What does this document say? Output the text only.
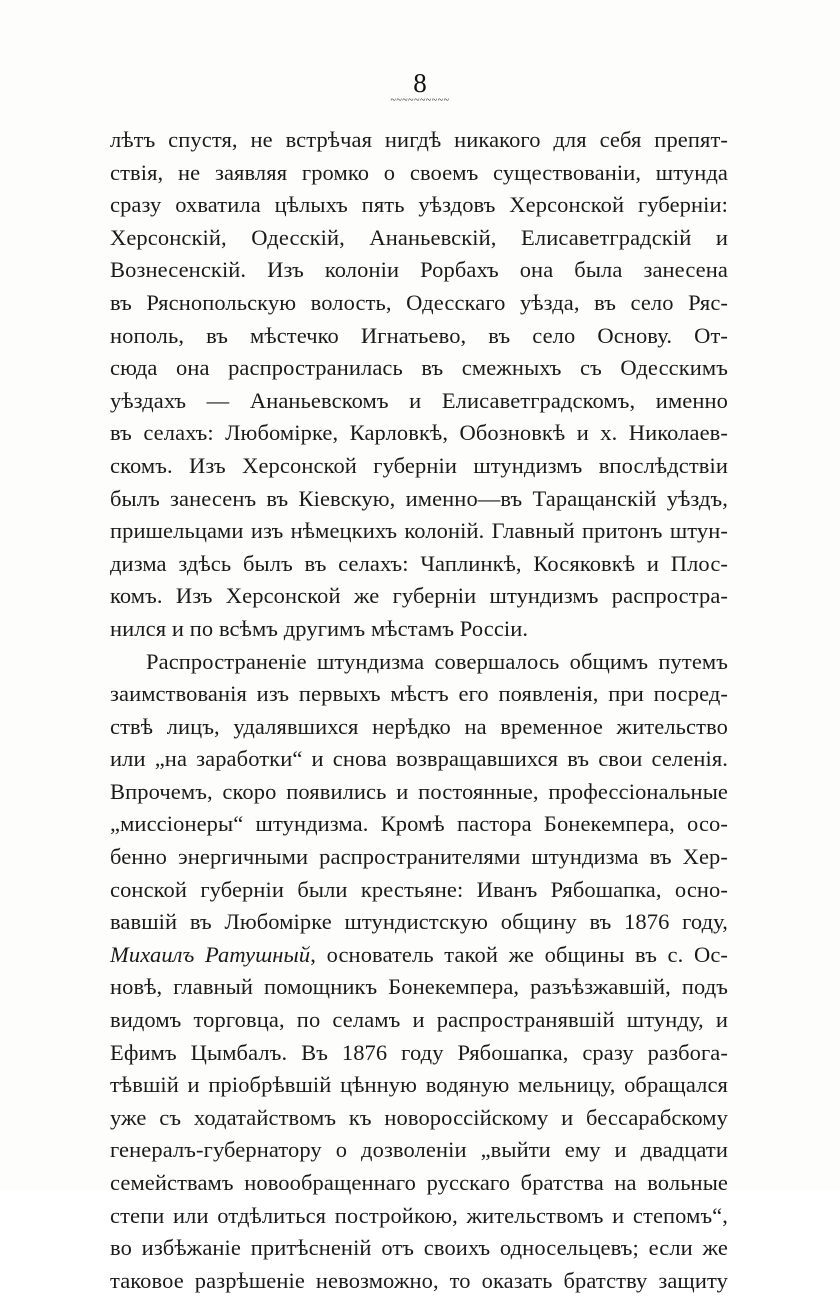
8
~~~~~~~~~~
лѣтъ спустя, не встрѣчая нигдѣ никакого для себя препят-
ствія, не заявляя громко о своемъ существованіи, штунда
сразу охватила цѣлыхъ пять уѣздовъ Херсонской губерніи:
Херсонскій, Одесскій, Ананьевскій, Елисаветградскій и
Вознесенскій. Изъ колоніи Рорбахъ она была занесена
въ Ряснопольскую волость, Одесскаго уѣзда, въ село Ряс-
нополь, въ мѣстечко Игнатьево, въ село Основу. От-
сюда она распространилась въ смежныхъ съ Одесскимъ
уѣздахъ — Ананьевскомъ и Елисаветградскомъ, именно
въ селахъ: Любомірке, Карловкѣ, Обозновкѣ и х. Николаев-
скомъ. Изъ Херсонской губерніи штундизмъ впослѣдствіи
былъ занесенъ въ Кіевскую, именно—въ Таращанскій уѣздъ,
пришельцами изъ нѣмецкихъ колоній. Главный притонъ штун-
дизма здѣсь былъ въ селахъ: Чаплинкѣ, Косяковкѣ и Плос-
комъ. Изъ Херсонской же губерніи штундизмъ распростра-
нился и по всѣмъ другимъ мѣстамъ Россіи.
Распространеніе штундизма совершалось общимъ путемъ
заимствованія изъ первыхъ мѣстъ его появленія, при посред-
ствѣ лицъ, удалявшихся нерѣдко на временное жительство
или „на заработки“ и снова возвращавшихся въ свои селенія.
Впрочемъ, скоро появились и постоянные, профессіональные
„миссіонеры“ штундизма. Кромѣ пастора Бонекемпера, осо-
бенно энергичными распространителями штундизма въ Хер-
сонской губерніи были крестьяне: Иванъ Рябошапка, осно-
вавшій въ Любомірке штундистскую общину въ 1876 году,
Михаилъ Ратушный, основатель такой же общины въ с. Ос-
новѣ, главный помощникъ Бонекемпера, разъѣзжавшій, подъ
видомъ торговца, по селамъ и распространявшій штунду, и
Ефимъ Цымбалъ. Въ 1876 году Рябошапка, сразу разбога-
тѣвшій и пріобрѣвшій цѣнную водяную мельницу, обращался
уже съ ходатайствомъ къ новороссійскому и бессарабскому
генералъ-губернатору о дозволеніи „выйти ему и двадцати
семействамъ новообращеннаго русскаго братства на вольные
степи или отдѣлиться постройкою, жительствомъ и степомъ“,
во избѣжаніе притѣсненій отъ своихъ односельцевъ; если же
таковое разрѣшеніе невозможно, то оказать братству защиту
